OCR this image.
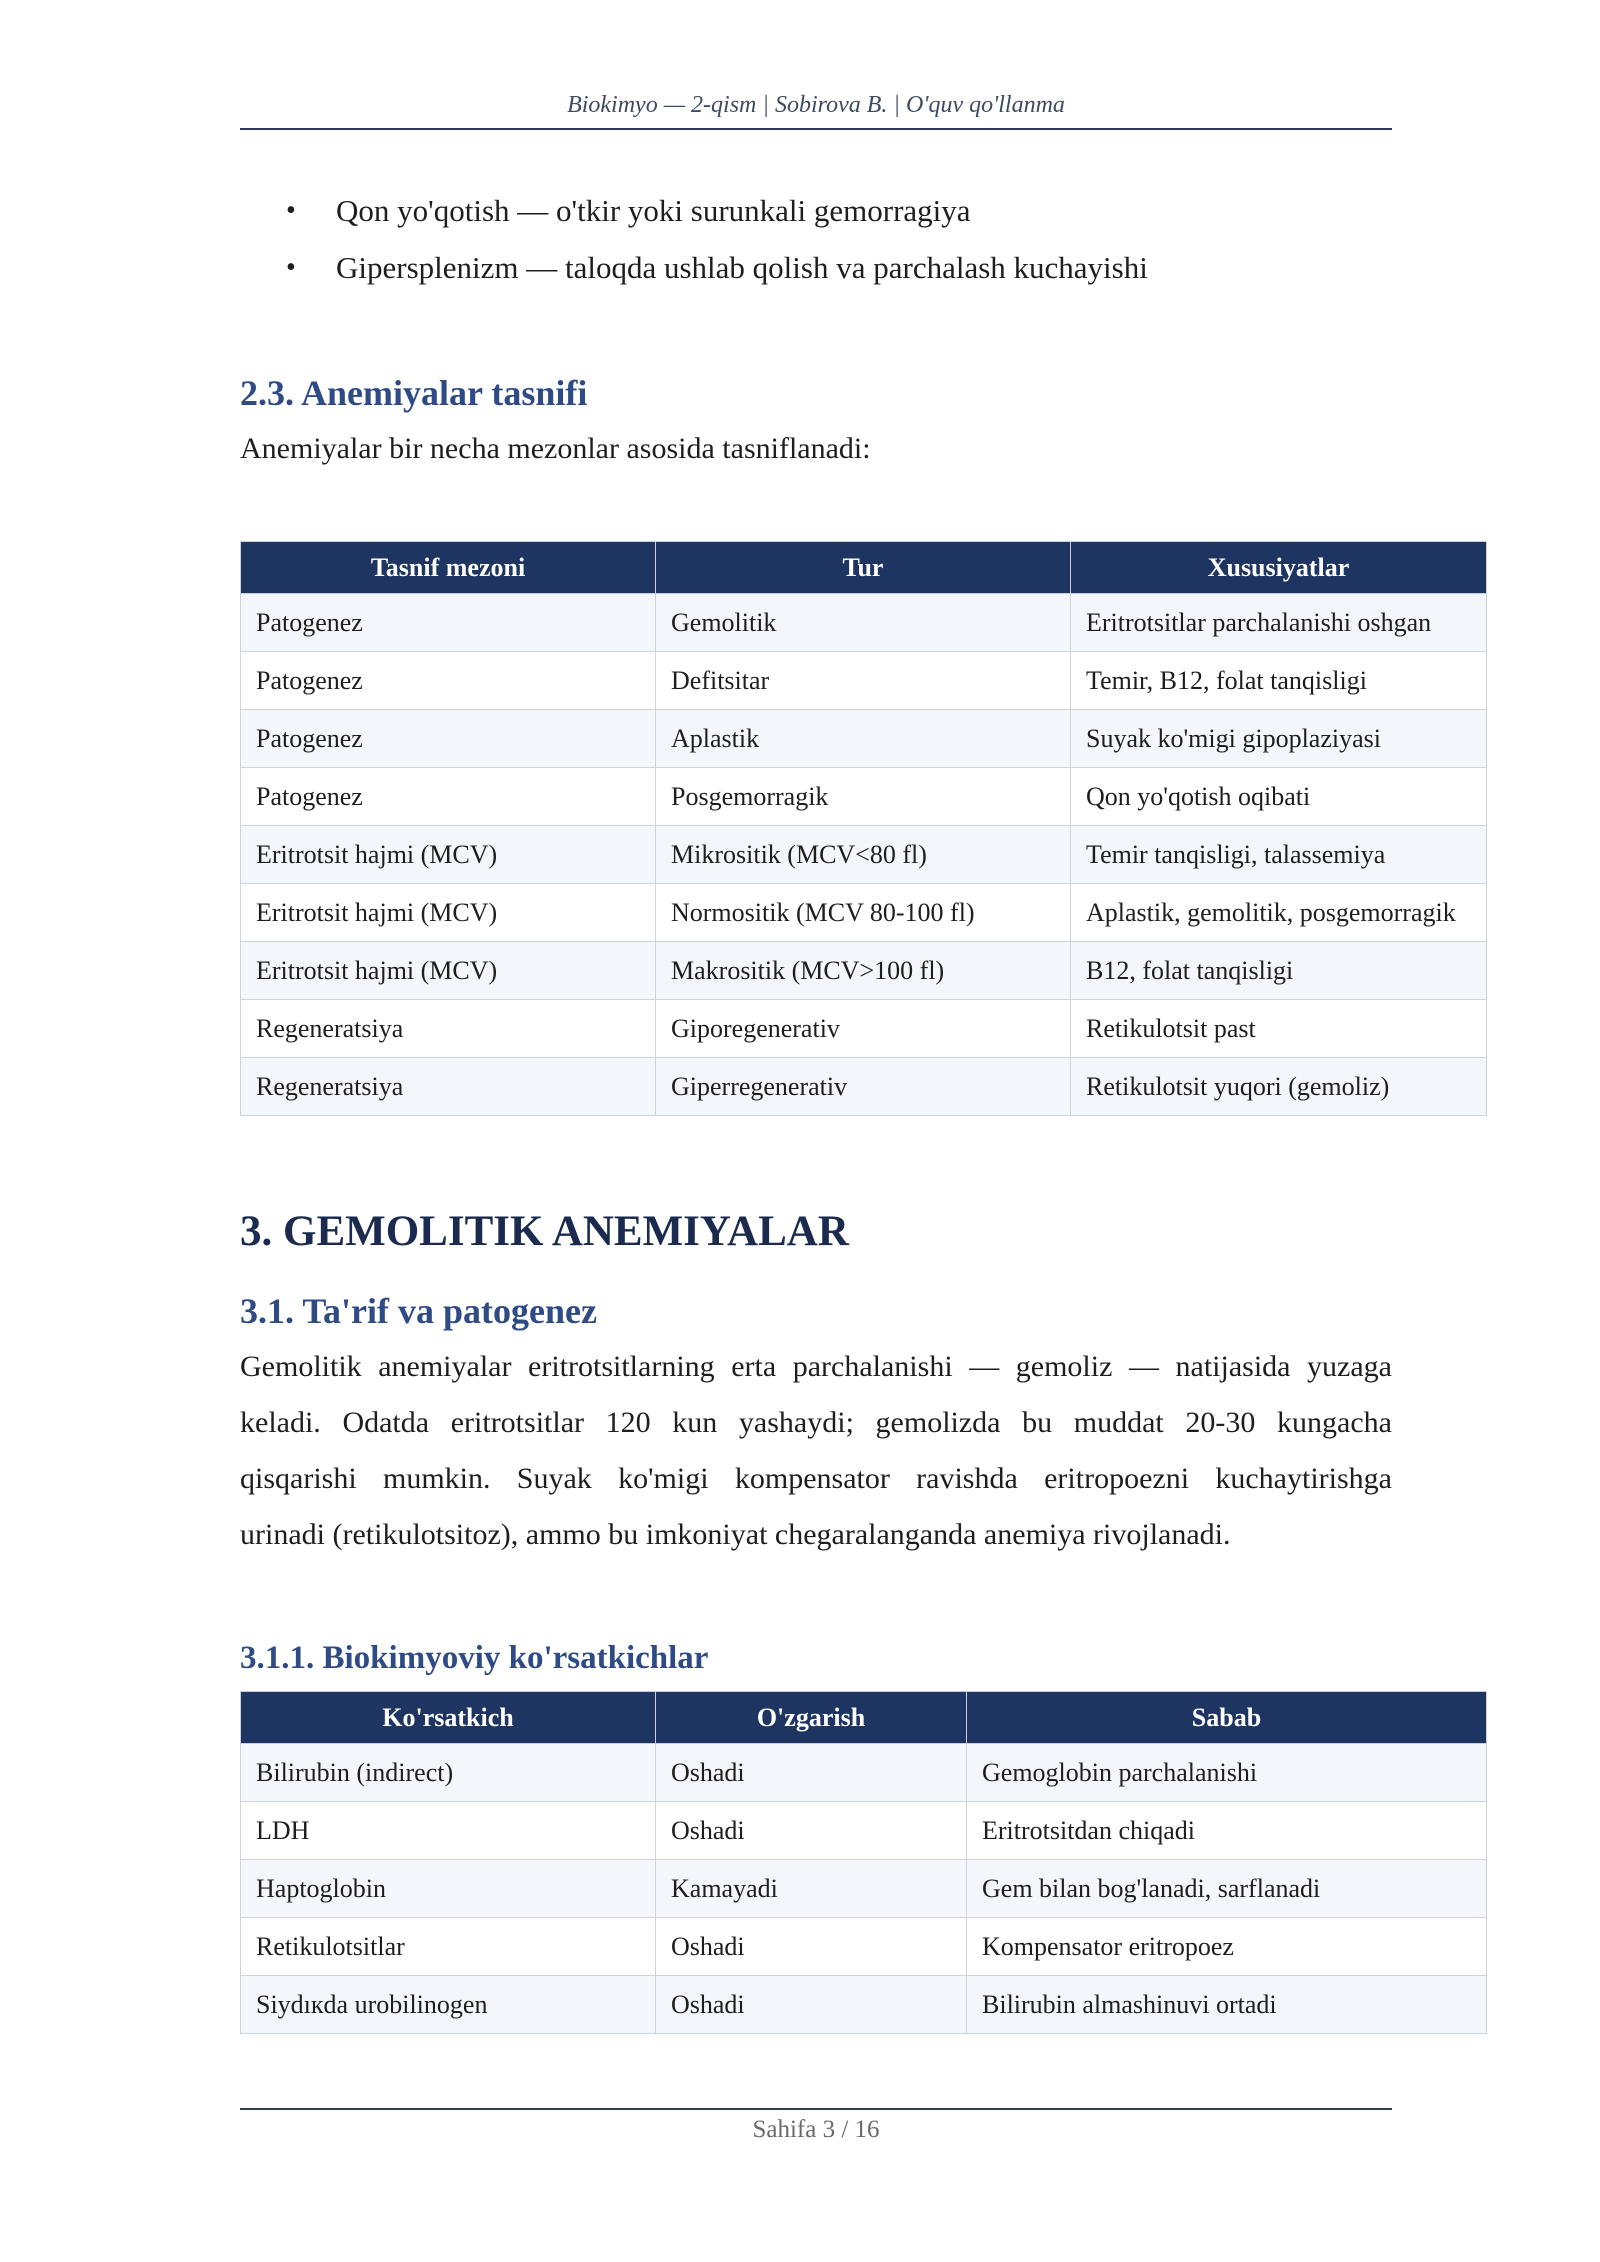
Biokimyo — 2-qism | Sobirova B. | O'quv qo'llanma
• Qon yo'qotish — o'tkir yoki surunkali gemorragiya
• Gipersplenizm — taloqda ushlab qolish va parchalash kuchayishi
2.3. Anemiyalar tasnifi
Anemiyalar bir necha mezonlar asosida tasniflanadi:
Tasnif mezoni	Tur	Xususiyatlar
Patogenez	Gemolitik	Eritrotsitlar parchalanishi oshgan
Patogenez	Defitsitar	Temir, B12, folat tanqisligi
Patogenez	Aplastik	Suyak ko'migi gipoplaziyasi
Patogenez	Posgemorragik	Qon yo'qotish oqibati
Eritrotsit hajmi (MCV)	Mikrositik (MCV<80 fl)	Temir tanqisligi, talassemiya
Eritrotsit hajmi (MCV)	Normositik (MCV 80-100 fl)	Aplastik, gemolitik, posgemorragik
Eritrotsit hajmi (MCV)	Makrositik (MCV>100 fl)	B12, folat tanqisligi
Regeneratsiya	Giporegenerativ	Retikulotsit past
Regeneratsiya	Giperregenerativ	Retikulotsit yuqori (gemoliz)
3. GEMOLITIK ANEMIYALAR
3.1. Ta'rif va patogenez
Gemolitik anemiyalar eritrotsitlarning erta parchalanishi — gemoliz — natijasida yuzaga
keladi. Odatda eritrotsitlar 120 kun yashaydi; gemolizda bu muddat 20-30 kungacha
qisqarishi mumkin. Suyak ko'migi kompensator ravishda eritropoezni kuchaytirishga
urinadi (retikulotsitoz), ammo bu imkoniyat chegaralanganda anemiya rivojlanadi.
3.1.1. Biokimyoviy ko'rsatkichlar
Ko'rsatkich	O'zgarish	Sabab
Bilirubin (indirect)	Oshadi	Gemoglobin parchalanishi
LDH	Oshadi	Eritrotsitdan chiqadi
Haptoglobin	Kamayadi	Gem bilan bog'lanadi, sarflanadi
Retikulotsitlar	Oshadi	Kompensator eritropoez
Siydıкda urobilinogen	Oshadi	Bilirubin almashinuvi ortadi
Sahifa 3 / 16
